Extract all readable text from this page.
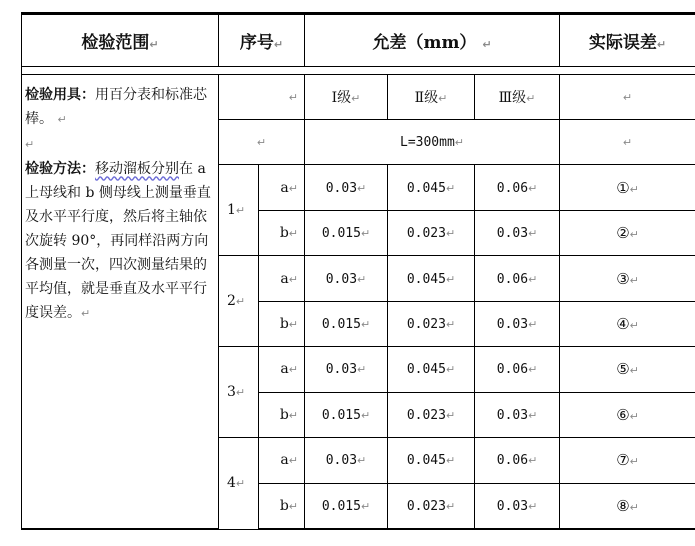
检验范围↵	序号↵		允差（mm） ↵			实际误差↵

检验用具：用百分表和标准芯棒。 ↵
↵
检验方法：移动溜板分别在 a 上母线和 b 侧母线上测量垂直及水平平行度，然后将主轴依次旋转 90°，再同样沿两方向各测量一次，四次测量结果的平均值，就是垂直及水平平行度误差。↵	↵		Ⅰ级↵	Ⅱ级↵	Ⅲ级↵	↵
	↵		L=300mm↵			↵
	1↵	a↵	0.03↵	0.045↵	0.06↵	①↵
		b↵	0.015↵	0.023↵	0.03↵	②↵
	2↵	a↵	0.03↵	0.045↵	0.06↵	③↵
		b↵	0.015↵	0.023↵	0.03↵	④↵
	3↵	a↵	0.03↵	0.045↵	0.06↵	⑤↵
		b↵	0.015↵	0.023↵	0.03↵	⑥↵
	4↵	a↵	0.03↵	0.045↵	0.06↵	⑦↵
		b↵	0.015↵	0.023↵	0.03↵	⑧↵
